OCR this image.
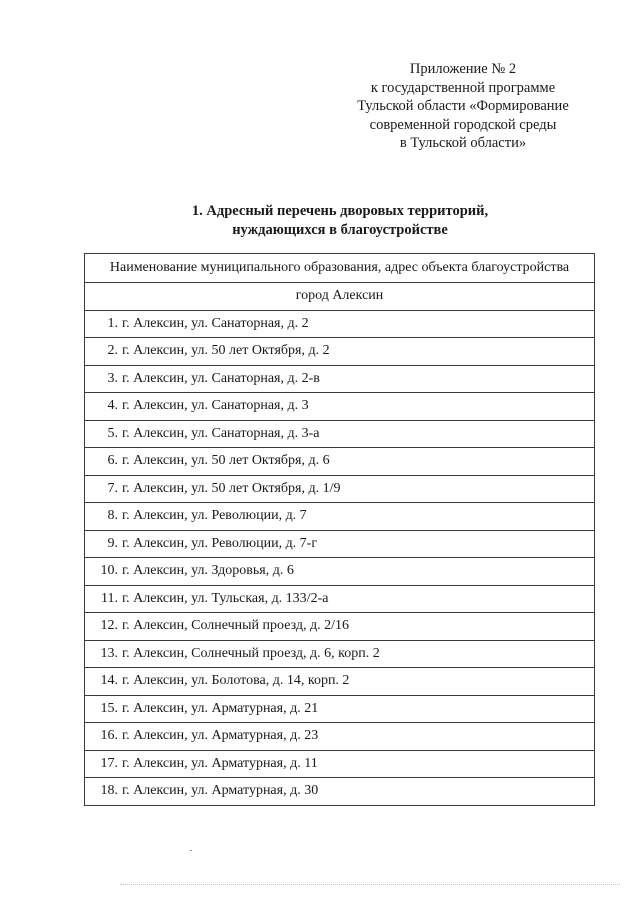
Приложение № 2
к государственной программе
Тульской области «Формирование
современной городской среды
в Тульской области»
1. Адресный перечень дворовых территорий,
нуждающихся в благоустройстве
Наименование муниципального образования, адрес объекта благоустройства
город Алексин

1. г. Алексин, ул. Санаторная, д. 2

2. г. Алексин, ул. 50 лет Октября, д. 2

3. г. Алексин, ул. Санаторная, д. 2-в

4. г. Алексин, ул. Санаторная, д. 3

5. г. Алексин, ул. Санаторная, д. 3-а

6. г. Алексин, ул. 50 лет Октября, д. 6

7. г. Алексин, ул. 50 лет Октября, д. 1/9

8. г. Алексин, ул. Революции, д. 7

9. г. Алексин, ул. Революции, д. 7-г

10. г. Алексин, ул. Здоровья, д. 6

11. г. Алексин, ул. Тульская, д. 133/2-а

12. г. Алексин, Солнечный проезд, д. 2/16

13. г. Алексин, Солнечный проезд, д. 6, корп. 2

14. г. Алексин, ул. Болотова, д. 14, корп. 2

15. г. Алексин, ул. Арматурная, д. 21

16. г. Алексин, ул. Арматурная, д. 23

17. г. Алексин, ул. Арматурная, д. 11

18. г. Алексин, ул. Арматурная, д. 30
